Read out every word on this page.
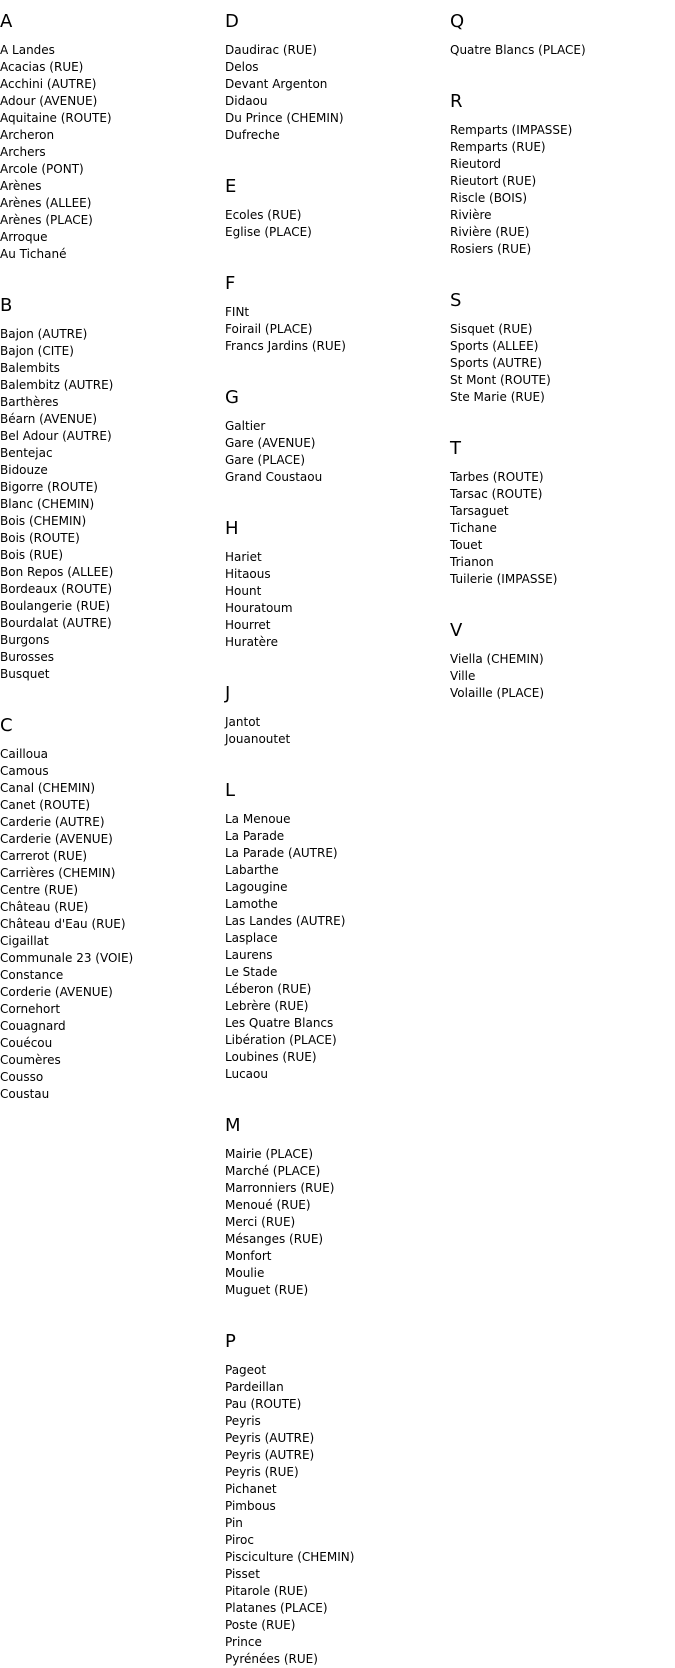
A
A Landes
Acacias (RUE)
Acchini (AUTRE)
Adour (AVENUE)
Aquitaine (ROUTE)
Archeron
Archers
Arcole (PONT)
Arènes
Arènes (ALLEE)
Arènes (PLACE)
Arroque
Au Tichané
B
Bajon (AUTRE)
Bajon (CITE)
Balembits
Balembitz (AUTRE)
Barthères
Béarn (AVENUE)
Bel Adour (AUTRE)
Bentejac
Bidouze
Bigorre (ROUTE)
Blanc (CHEMIN)
Bois (CHEMIN)
Bois (ROUTE)
Bois (RUE)
Bon Repos (ALLEE)
Bordeaux (ROUTE)
Boulangerie (RUE)
Bourdalat (AUTRE)
Burgons
Burosses
Busquet
C
Cailloua
Camous
Canal (CHEMIN)
Canet (ROUTE)
Carderie (AUTRE)
Carderie (AVENUE)
Carrerot (RUE)
Carrières (CHEMIN)
Centre (RUE)
Château (RUE)
Château d'Eau (RUE)
Cigaillat
Communale 23 (VOIE)
Constance
Corderie (AVENUE)
Cornehort
Couagnard
Couécou
Coumères
Cousso
Coustau
D
Daudirac (RUE)
Delos
Devant Argenton
Didaou
Du Prince (CHEMIN)
Dufreche
E
Ecoles (RUE)
Eglise (PLACE)
F
FINt
Foirail (PLACE)
Francs Jardins (RUE)
G
Galtier
Gare (AVENUE)
Gare (PLACE)
Grand Coustaou
H
Hariet
Hitaous
Hount
Houratoum
Hourret
Huratère
J
Jantot
Jouanoutet
L
La Menoue
La Parade
La Parade (AUTRE)
Labarthe
Lagougine
Lamothe
Las Landes (AUTRE)
Lasplace
Laurens
Le Stade
Léberon (RUE)
Lebrère (RUE)
Les Quatre Blancs
Libération (PLACE)
Loubines (RUE)
Lucaou
M
Mairie (PLACE)
Marché (PLACE)
Marronniers (RUE)
Menoué (RUE)
Merci (RUE)
Mésanges (RUE)
Monfort
Moulie
Muguet (RUE)
P
Pageot
Pardeillan
Pau (ROUTE)
Peyris
Peyris (AUTRE)
Peyris (AUTRE)
Peyris (RUE)
Pichanet
Pimbous
Pin
Piroc
Pisciculture (CHEMIN)
Pisset
Pitarole (RUE)
Platanes (PLACE)
Poste (RUE)
Prince
Pyrénées (RUE)
Q
Quatre Blancs (PLACE)
R
Remparts (IMPASSE)
Remparts (RUE)
Rieutord
Rieutort (RUE)
Riscle (BOIS)
Rivière
Rivière (RUE)
Rosiers (RUE)
S
Sisquet (RUE)
Sports (ALLEE)
Sports (AUTRE)
St Mont (ROUTE)
Ste Marie (RUE)
T
Tarbes (ROUTE)
Tarsac (ROUTE)
Tarsaguet
Tichane
Touet
Trianon
Tuilerie (IMPASSE)
V
Viella (CHEMIN)
Ville
Volaille (PLACE)
